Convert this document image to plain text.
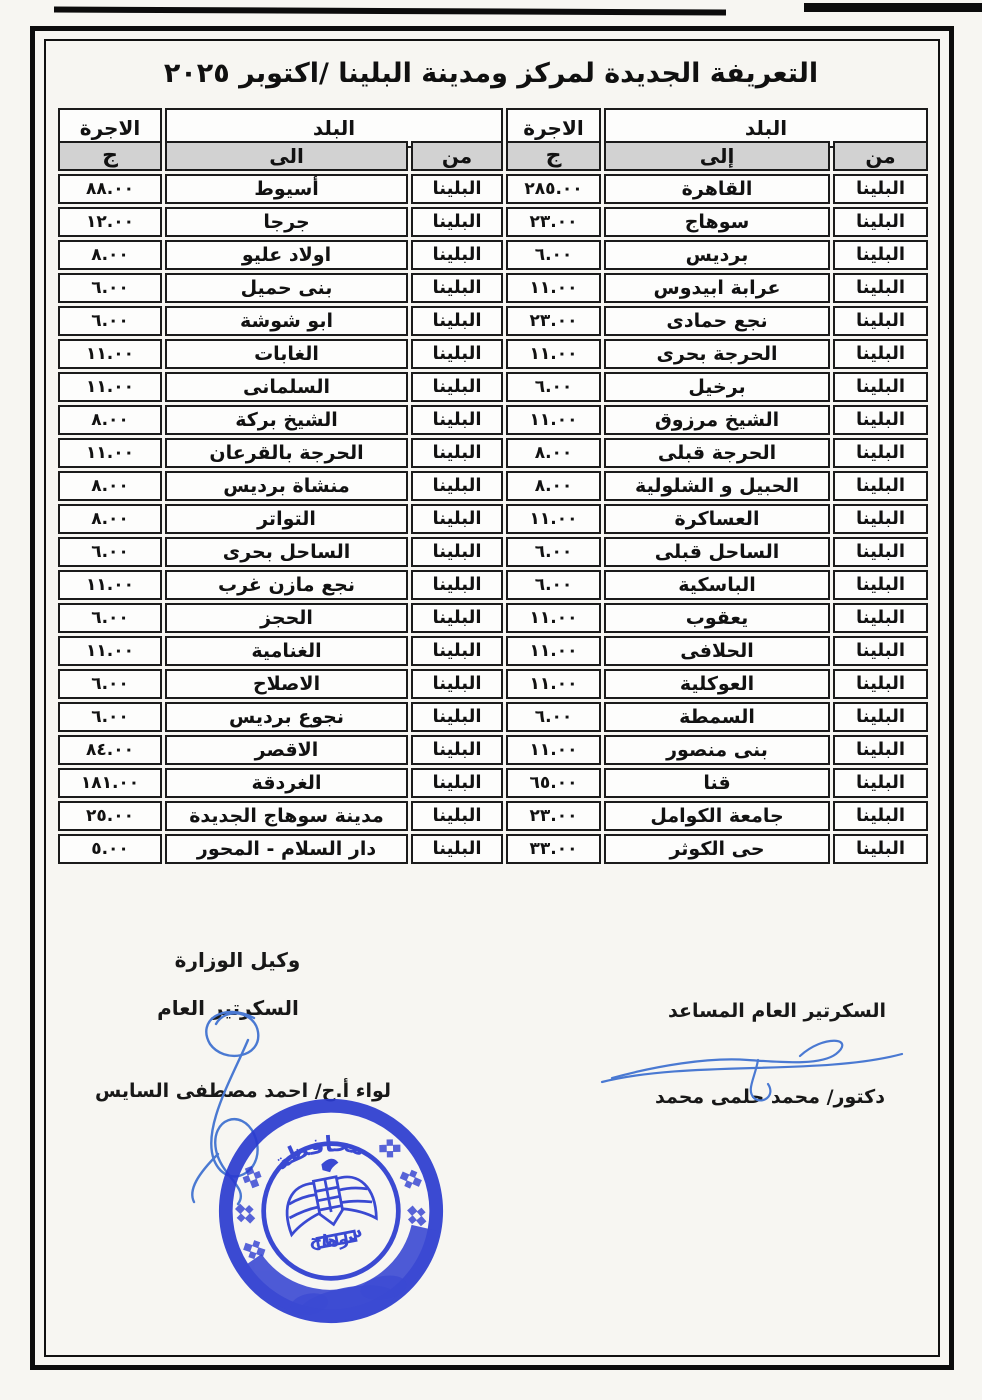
التعريفة الجديدة لمركز ومدينة البلينا /اكتوبر ٢٠٢٥
البلد
الاجرة
البلد
الاجرة
من
إلى
ج
من
الى
ج
البلينا
القاهرة
٢٨٥.٠٠
البلينا
أسيوط
٨٨.٠٠
البلينا
سوهاج
٢٣.٠٠
البلينا
جرجا
١٢.٠٠
البلينا
برديس
٦.٠٠
البلينا
اولاد عليو
٨.٠٠
البلينا
عرابة ابيدوس
١١.٠٠
البلينا
بنى حميل
٦.٠٠
البلينا
نجع حمادى
٢٣.٠٠
البلينا
ابو شوشة
٦.٠٠
البلينا
الحرجة بحرى
١١.٠٠
البلينا
الغابات
١١.٠٠
البلينا
برخيل
٦.٠٠
البلينا
السلمانى
١١.٠٠
البلينا
الشيخ مرزوق
١١.٠٠
البلينا
الشيخ بركة
٨.٠٠
البلينا
الحرجة قبلى
٨.٠٠
البلينا
الحرجة بالقرعان
١١.٠٠
البلينا
الحبيل و الشلولية
٨.٠٠
البلينا
منشاة برديس
٨.٠٠
البلينا
العساكرة
١١.٠٠
البلينا
التواتر
٨.٠٠
البلينا
الساحل قبلى
٦.٠٠
البلينا
الساحل بحرى
٦.٠٠
البلينا
الباسكية
٦.٠٠
البلينا
نجع مازن غرب
١١.٠٠
البلينا
يعقوب
١١.٠٠
البلينا
الحجز
٦.٠٠
البلينا
الحلافى
١١.٠٠
البلينا
الغنامية
١١.٠٠
البلينا
العوكلية
١١.٠٠
البلينا
الاصلاح
٦.٠٠
البلينا
السمطة
٦.٠٠
البلينا
نجوع برديس
٦.٠٠
البلينا
بنى منصور
١١.٠٠
البلينا
الاقصر
٨٤.٠٠
البلينا
قنا
٦٥.٠٠
البلينا
الغردقة
١٨١.٠٠
البلينا
جامعة الكوامل
٢٣.٠٠
البلينا
مدينة سوهاج الجديدة
٢٥.٠٠
البلينا
حى الكوثر
٣٣.٠٠
البلينا
دار السلام - المحور
٥.٠٠
وكيل الوزارة
السكرتير العام
لواء أ.ح/ احمد مصطفى السايس
السكرتير العام المساعد
دكتور/ محمد حلمى محمد
محافظة
سوهاج
